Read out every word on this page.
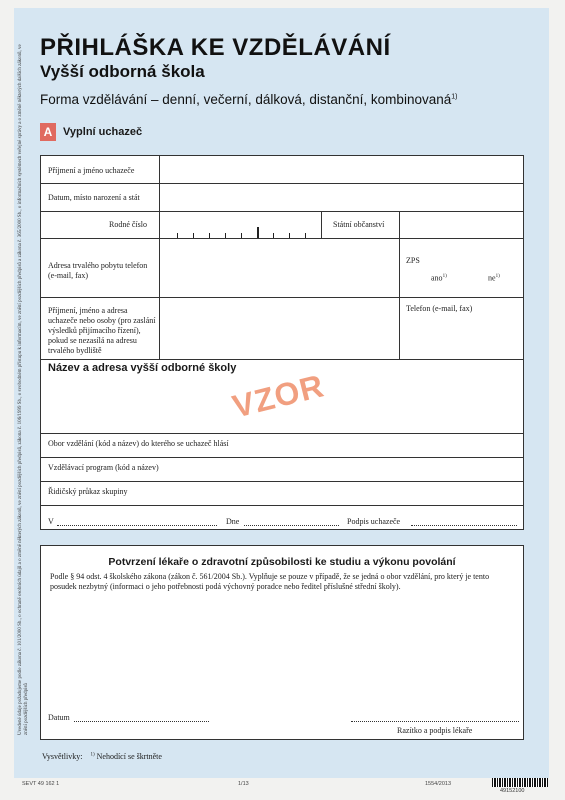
Uvedené údaje požadujeme podle zákona č. 101/2000 Sb., o ochraně osobních údajů a o změně některých zákonů, ve znění pozdějších předpisů, zákona č. 106/1999 Sb., o svobodném přístupu k informacím, ve znění pozdějších předpisů a zákona č. 365/2000 Sb., o informačních systémech veřejné správy a o změně některých dalších zákonů, ve znění pozdějších předpisů
PŘIHLÁŠKA KE VZDĚLÁVÁNÍ
Vyšší odborná škola
Forma vzdělávání – denní, večerní, dálková, distanční, kombinovaná$^{1)}$
A Vyplní uchazeč
Příjmení a jméno uchazeče
Datum, místo narození a stát
Rodné číslo	Státní občanství
Adresa trvalého pobytu telefon (e-mail, fax)
ZPS
ano$^{1)}$	$ne^{1)}$
Příjmení, jméno a adresa uchazeče nebo osoby (pro zaslání výsledků přijímacího řízení), pokud se nezasílá na adresu trvalého bydliště
Telefon (e-mail, fax)
Název a adresa vyšší odborné školy
Obor vzdělání (kód a název) do kterého se uchazeč hlásí
Vzdělávací program (kód a název)
Řidičský průkaz skupiny
V	Dne	Podpis uchazeče
VZOR
Potvrzení lékaře o zdravotní způsobilosti ke studiu a výkonu povolání
Podle § 94 odst. 4 školského zákona (zákon č. 561/2004 Sb.). Vyplňuje se pouze v případě, že se jedná o obor vzdělání, pro který je tento posudek nezbytný (informaci o jeho potřebnosti podá výchovný poradce nebo ředitel příslušné střední školy).
Datum
Razítko a podpis lékaře
Vysvětlivky: $^{1)}$ Nehodící se škrtněte
SEVT 49 162 1	1/13	1554/2013
49152100
